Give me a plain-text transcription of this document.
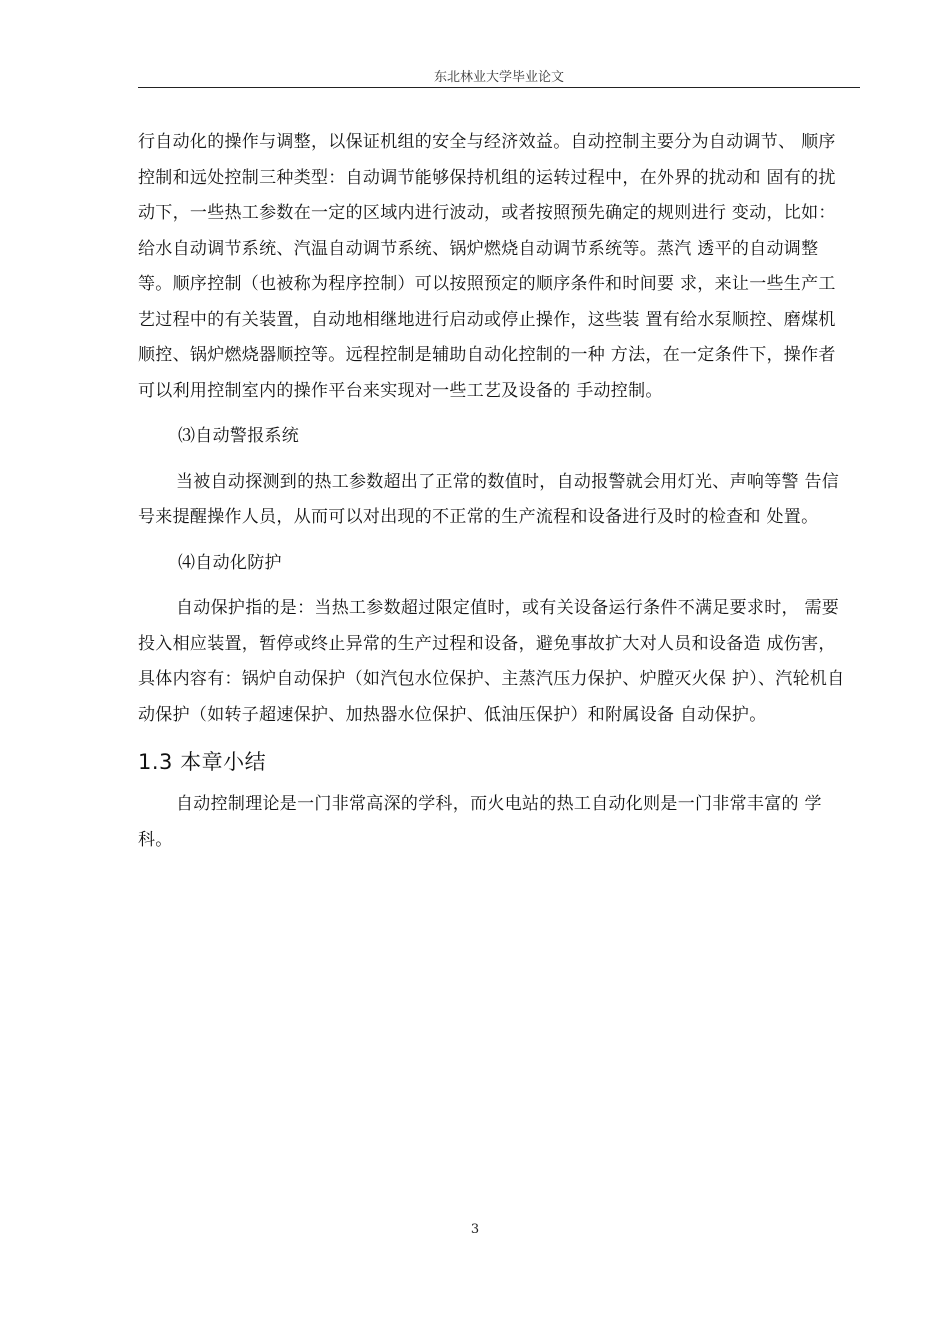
东北林业大学毕业论文

行自动化的操作与调整，以保证机组的安全与经济效益。自动控制主要分为自动调节、 顺序控制和远处控制三种类型：自动调节能够保持机组的运转过程中，在外界的扰动和 固有的扰动下，一些热工参数在一定的区域内进行波动，或者按照预先确定的规则进行 变动，比如：给水自动调节系统、汽温自动调节系统、锅炉燃烧自动调节系统等。蒸汽 透平的自动调整等。顺序控制（也被称为程序控制）可以按照预定的顺序条件和时间要 求，来让一些生产工艺过程中的有关装置，自动地相继地进行启动或停止操作，这些装 置有给水泵顺控、磨煤机顺控、锅炉燃烧器顺控等。远程控制是辅助自动化控制的一种 方法，在一定条件下，操作者可以利用控制室内的操作平台来实现对一些工艺及设备的 手动控制。

⑶自动警报系统

当被自动探测到的热工参数超出了正常的数值时，自动报警就会用灯光、声响等警 告信号来提醒操作人员，从而可以对出现的不正常的生产流程和设备进行及时的检查和 处置。

⑷自动化防护

自动保护指的是：当热工参数超过限定值时，或有关设备运行条件不满足要求时， 需要投入相应装置，暂停或终止异常的生产过程和设备，避免事故扩大对人员和设备造 成伤害，具体内容有：锅炉自动保护（如汽包水位保护、主蒸汽压力保护、炉膛灭火保 护）、汽轮机自动保护（如转子超速保护、加热器水位保护、低油压保护）和附属设备 自动保护。

1.3 本章小结

自动控制理论是一门非常高深的学科，而火电站的热工自动化则是一门非常丰富的 学科。

3
